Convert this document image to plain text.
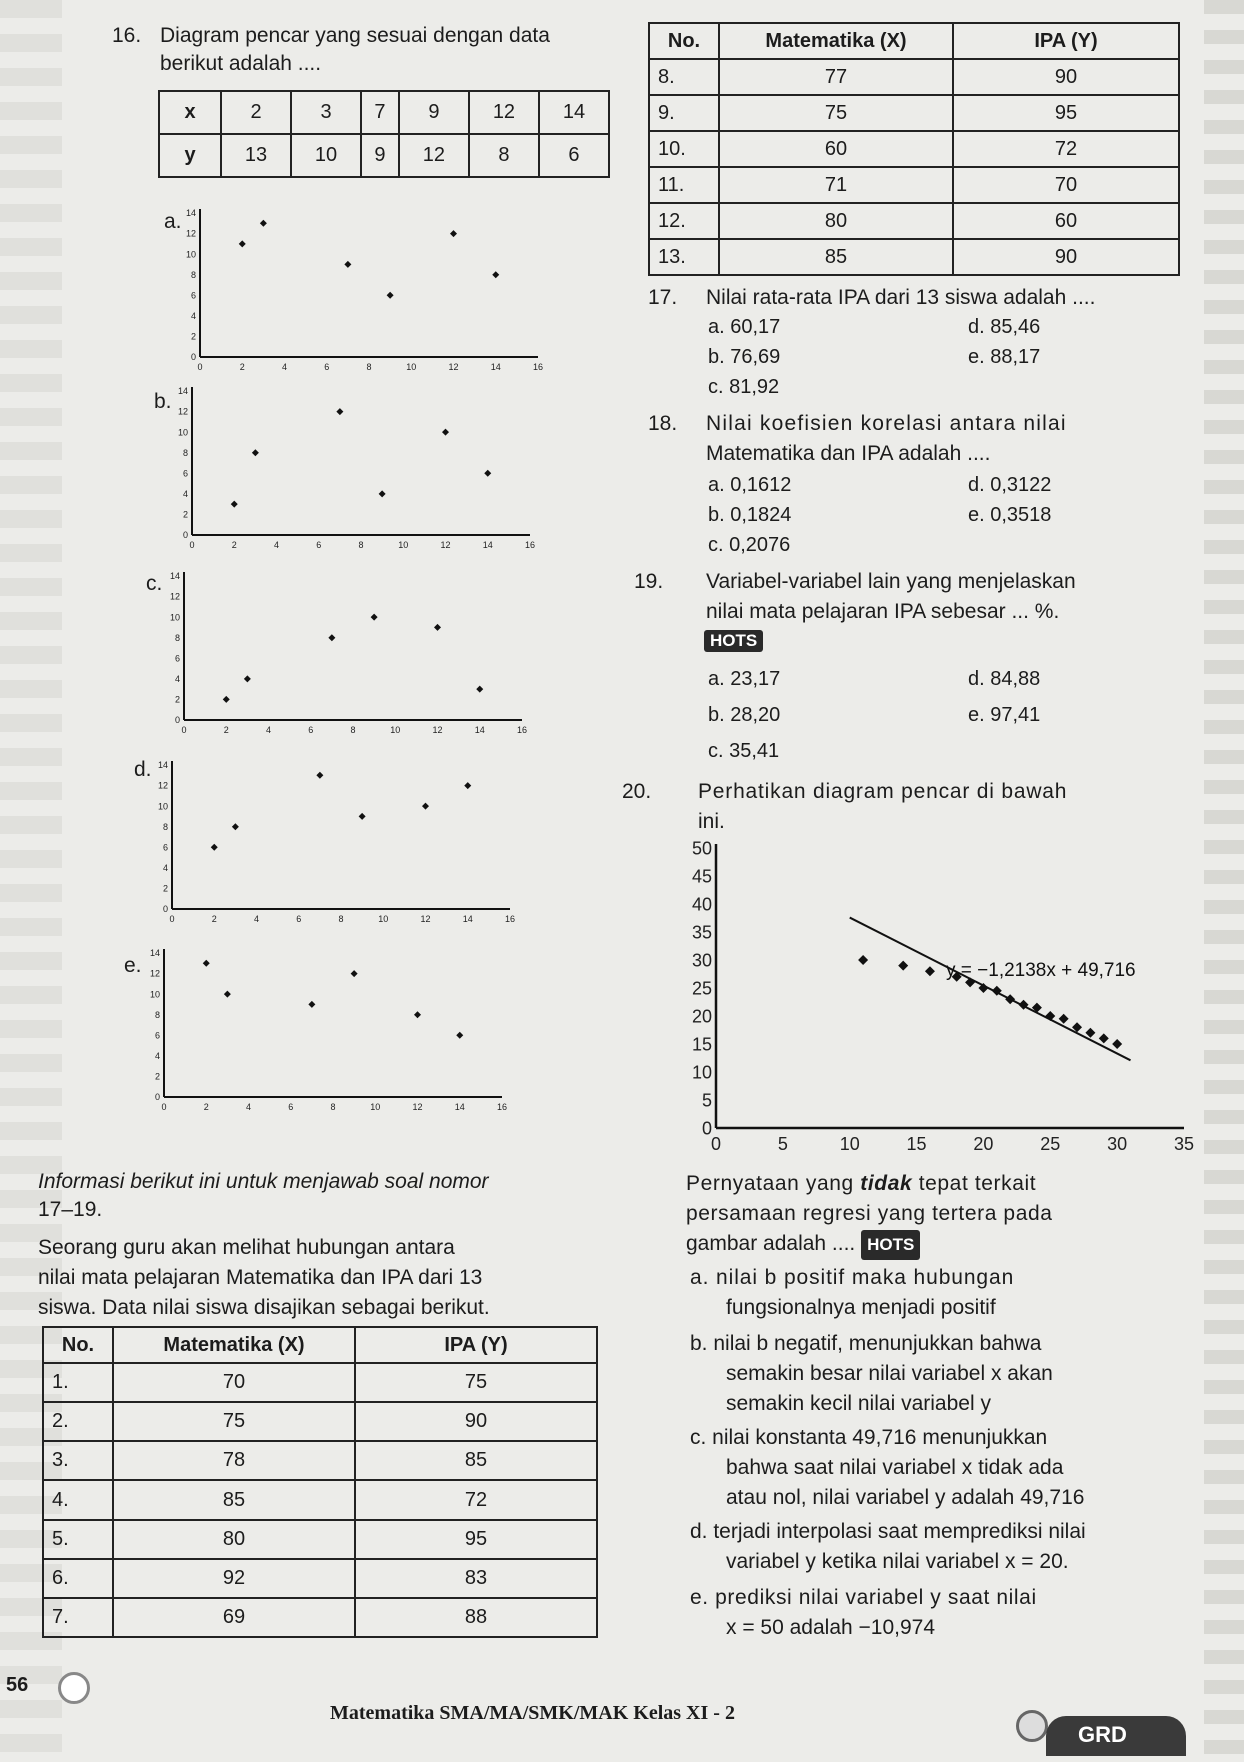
16. Diagram pencar yang sesuai dengan data
berikut adalah ....
x	2	3	7	9	12	14
y	13	10	9	12	8	6
a.
b.
c.
d.
e.
0	2	4	6	8	10	12	14	16
0
2
4
6
8
10
12
14
0	2	4	6	8	10	12	14	16
0
2
4
6
8
10
12
14
0	2	4	6	8	10	12	14	16
0
2
4
6
8
10
12
14
0	2	4	6	8	10	12	14	16
0
2
4
6
8
10
12
14
0	2	4	6	8	10	12	14	16
0
2
4
6
8
10
12
14
No.	Matematika (X)	IPA (Y)
8.	77	90
9.	75	95
10.	60	72
11.	71	70
12.	80	60
13.	85	90
17. Nilai rata-rata IPA dari 13 siswa adalah ....
a. 60,17
b. 76,69
c. 81,92
d. 85,46
e. 88,17
18. Nilai koefisien korelasi antara nilai
Matematika dan IPA adalah ....
a. 0,1612
b. 0,1824
c. 0,2076
d. 0,3122
e. 0,3518
19. Variabel-variabel lain yang menjelaskan
nilai mata pelajaran IPA sebesar ... %.
HOTS
a. 23,17
b. 28,20
c. 35,41
d. 84,88
e. 97,41
20. Perhatikan diagram pencar di bawah
ini.
0	5	10	15	20	25	30	35
0
5
10
15
20
25
30
35
40
45
50
y = −1,2138x + 49,716
Informasi berikut ini untuk menjawab soal nomor
17–19.
Seorang guru akan melihat hubungan antara
nilai mata pelajaran Matematika dan IPA dari 13
siswa. Data nilai siswa disajikan sebagai berikut.
No.	Matematika (X)	IPA (Y)
1.	70	75
2.	75	90
3.	78	85
4.	85	72
5.	80	95
6.	92	83
7.	69	88
Pernyataan yang tidak tepat terkait
persamaan regresi yang tertera pada
gambar adalah .... HOTS
a. nilai b positif maka hubungan
fungsionalnya menjadi positif
b. nilai b negatif, menunjukkan bahwa
semakin besar nilai variabel x akan
semakin kecil nilai variabel y
c. nilai konstanta 49,716 menunjukkan
bahwa saat nilai variabel x tidak ada
atau nol, nilai variabel y adalah 49,716
d. terjadi interpolasi saat memprediksi nilai
variabel y ketika nilai variabel x = 20.
e. prediksi nilai variabel y saat nilai
x = 50 adalah −10,974
56
Matematika SMA/MA/SMK/MAK Kelas XI - 2
GRD
